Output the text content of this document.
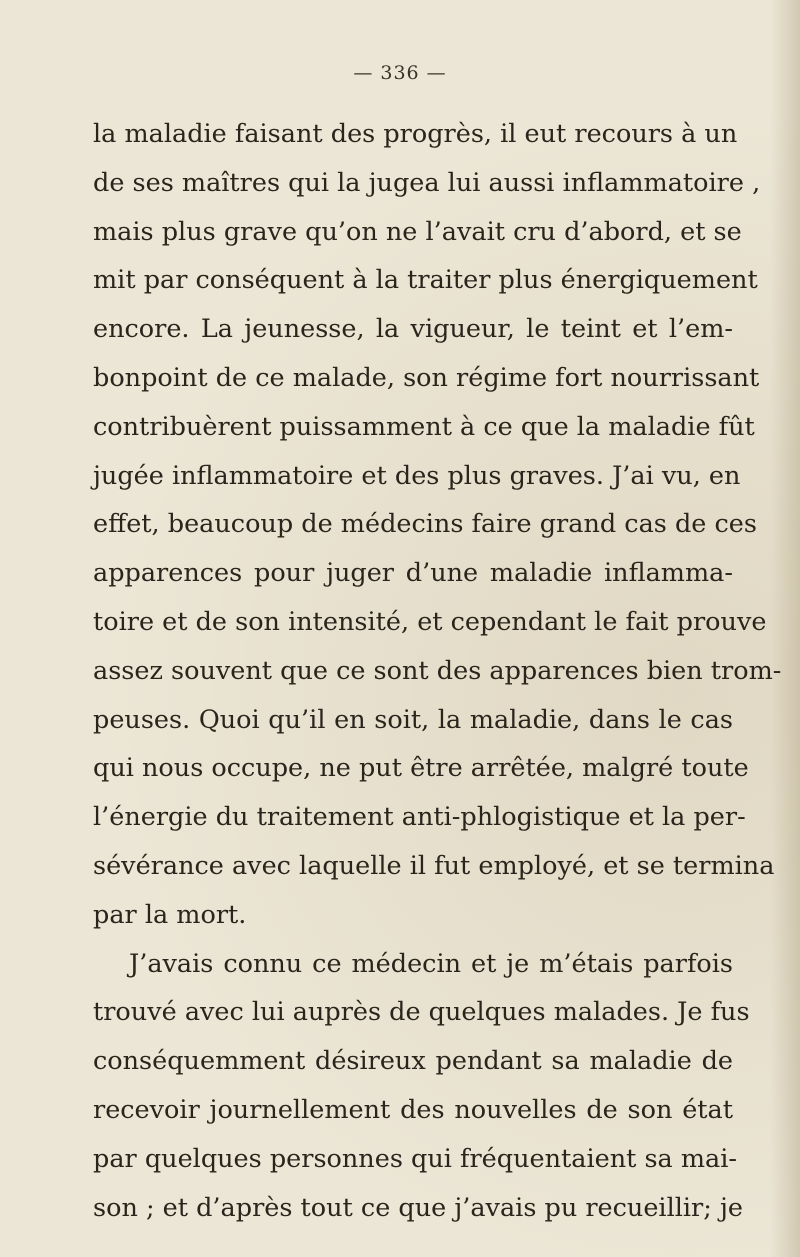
— 336 —
la maladie faisant des progrès, il eut recours à un
de ses maîtres qui la jugea lui aussi inflammatoire ,
mais plus grave qu’on ne l’avait cru d’abord, et se
mit par conséquent à la traiter plus énergiquement
encore. La jeunesse, la vigueur, le teint et l’em-
bonpoint de ce malade, son régime fort nourrissant
contribuèrent puissamment à ce que la maladie fût
jugée inflammatoire et des plus graves. J’ai vu, en
effet, beaucoup de médecins faire grand cas de ces
apparences pour juger d’une maladie inflamma-
toire et de son intensité, et cependant le fait prouve
assez souvent que ce sont des apparences bien trom-
peuses. Quoi qu’il en soit, la maladie, dans le cas
qui nous occupe, ne put être arrêtée, malgré toute
l’énergie du traitement anti-phlogistique et la per-
sévérance avec laquelle il fut employé, et se termina
par la mort.
J’avais connu ce médecin et je m’étais parfois
trouvé avec lui auprès de quelques malades. Je fus
conséquemment désireux pendant sa maladie de
recevoir journellement des nouvelles de son état
par quelques personnes qui fréquentaient sa mai-
son ; et d’après tout ce que j’avais pu recueillir; je
